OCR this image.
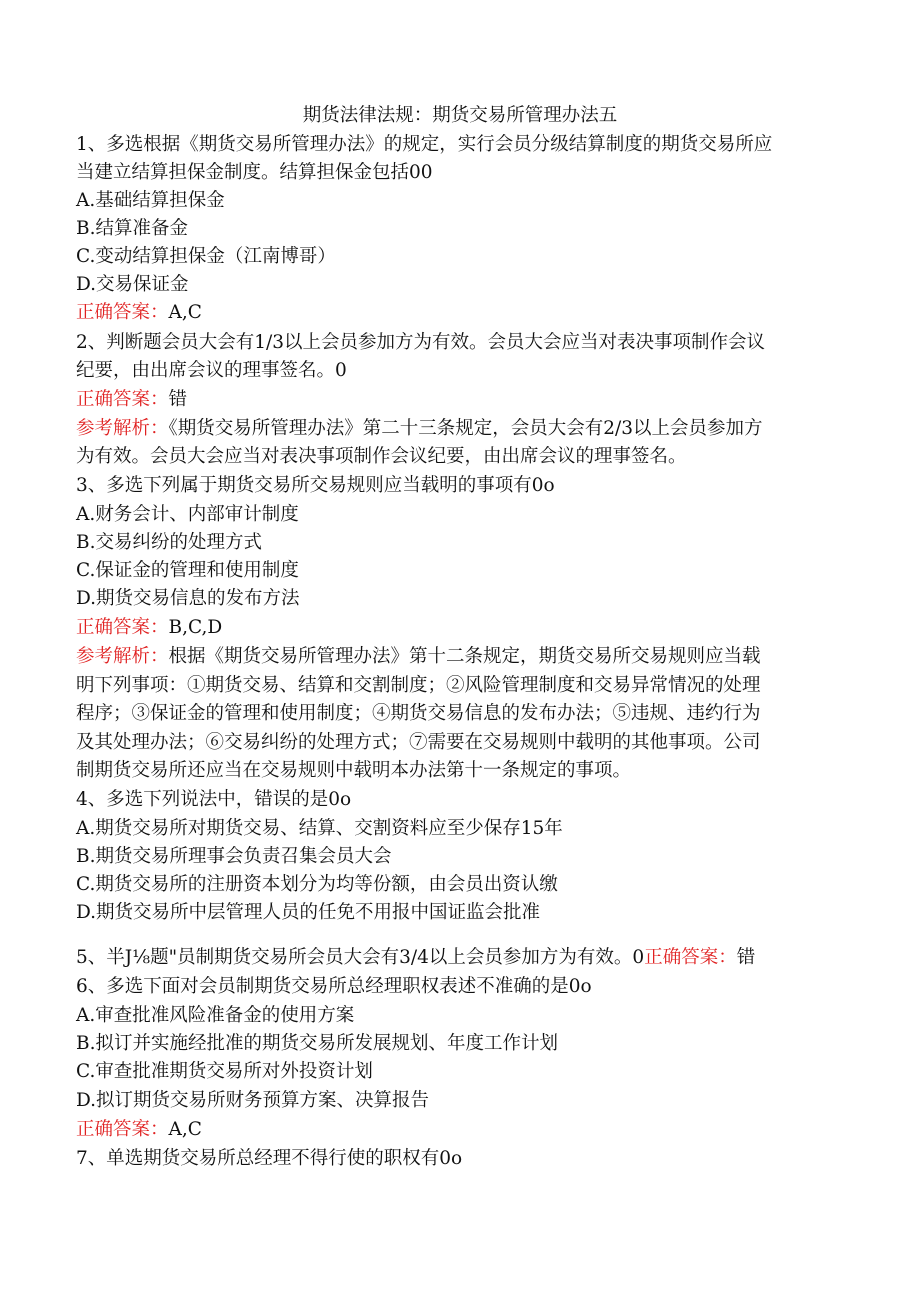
期货法律法规：期货交易所管理办法五
1、多选根据《期货交易所管理办法》的规定，实行会员分级结算制度的期货交易所应
当建立结算担保金制度。结算担保金包括00
A.基础结算担保金
B.结算准备金
C.变动结算担保金（江南博哥）
D.交易保证金
正确答案：A,C
2、判断题会员大会有1/3以上会员参加方为有效。会员大会应当对表决事项制作会议
纪要，由出席会议的理事签名。0
正确答案：错
参考解析：《期货交易所管理办法》第二十三条规定，会员大会有2/3以上会员参加方
为有效。会员大会应当对表决事项制作会议纪要，由出席会议的理事签名。
3、多选下列属于期货交易所交易规则应当载明的事项有0o
A.财务会计、内部审计制度
B.交易纠纷的处理方式
C.保证金的管理和使用制度
D.期货交易信息的发布方法
正确答案：B,C,D
参考解析：根据《期货交易所管理办法》第十二条规定，期货交易所交易规则应当载
明下列事项：①期货交易、结算和交割制度；②风险管理制度和交易异常情况的处理
程序；③保证金的管理和使用制度；④期货交易信息的发布办法；⑤违规、违约行为
及其处理办法；⑥交易纠纷的处理方式；⑦需要在交易规则中载明的其他事项。公司
制期货交易所还应当在交易规则中载明本办法第十一条规定的事项。
4、多选下列说法中，错误的是0o
A.期货交易所对期货交易、结算、交割资料应至少保存15年
B.期货交易所理事会负责召集会员大会
C.期货交易所的注册资本划分为均等份额，由会员出资认缴
D.期货交易所中层管理人员的任免不用报中国证监会批准
5、半J⅛题"员制期货交易所会员大会有3/4以上会员参加方为有效。0正确答案：错
6、多选下面对会员制期货交易所总经理职权表述不准确的是0o
A.审查批准风险准备金的使用方案
B.拟订并实施经批准的期货交易所发展规划、年度工作计划
C.审查批准期货交易所对外投资计划
D.拟订期货交易所财务预算方案、决算报告
正确答案：A,C
7、单选期货交易所总经理不得行使的职权有0o
